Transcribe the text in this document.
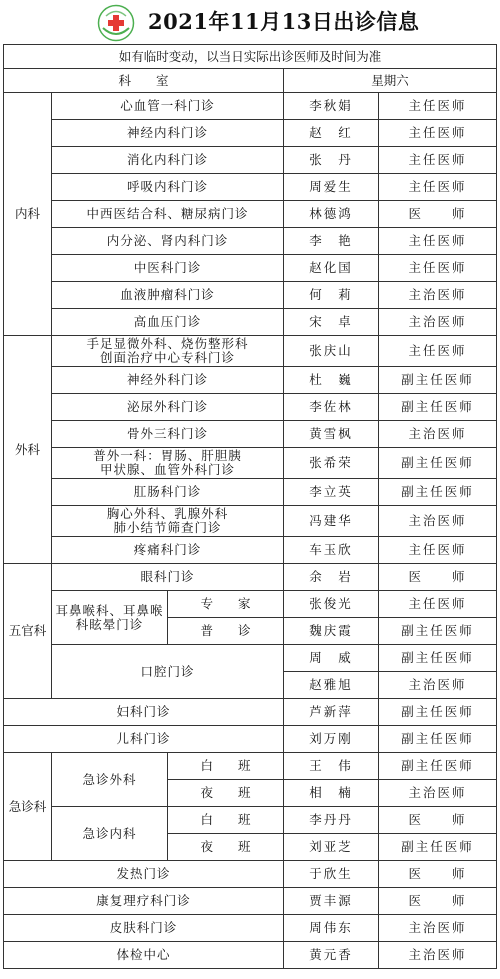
2021年11月13日出诊信息
如有临时变动，以当日实际出诊医师及时间为准				
科　　室			星期六	
内科	心血管一科门诊		李秋娟	主任医师
	神经内科门诊		赵　红	主任医师
	消化内科门诊		张　丹	主任医师
	呼吸内科门诊		周爱生	主任医师
	中西医结合科、糖尿病门诊		林德鸿	医　　师
	内分泌、肾内科门诊		李　艳	主任医师
	中医科门诊		赵化国	主任医师
	血液肿瘤科门诊		何　莉	主治医师
	高血压门诊		宋　卓	主治医师
外科	手足显微外科、烧伤整形科
创面治疗中心专科门诊		张庆山	主任医师
	神经外科门诊		杜　巍	副主任医师
	泌尿外科门诊		李佐林	副主任医师
	骨外三科门诊		黄雪枫	主治医师

	普外一科：胃肠、肝胆胰
甲状腺、血管外科门诊		张希荣	副主任医师
	肛肠科门诊		李立英	副主任医师

	胸心外科、乳腺外科
肺小结节筛查门诊		冯建华	主治医师
	疼痛科门诊		车玉欣	主任医师
五官科	眼科门诊		余　岩	医　　师

	耳鼻喉科、耳鼻喉
科眩晕门诊	专　　家	张俊光	主任医师
		普　　诊	魏庆霞	副主任医师
	口腔门诊		周　威	副主任医师
			赵雅旭	主治医师
妇科门诊			芦新萍	副主任医师
儿科门诊			刘万刚	副主任医师
急诊科	急诊外科	白　　班	王　伟	副主任医师
		夜　　班	相　楠	主治医师
	急诊内科	白　　班	李丹丹	医　　师
		夜　　班	刘亚芝	副主任医师
发热门诊			于欣生	医　　师
康复理疗科门诊			贾丰源	医　　师
皮肤科门诊			周伟东	主治医师
体检中心			黄元香	主治医师
